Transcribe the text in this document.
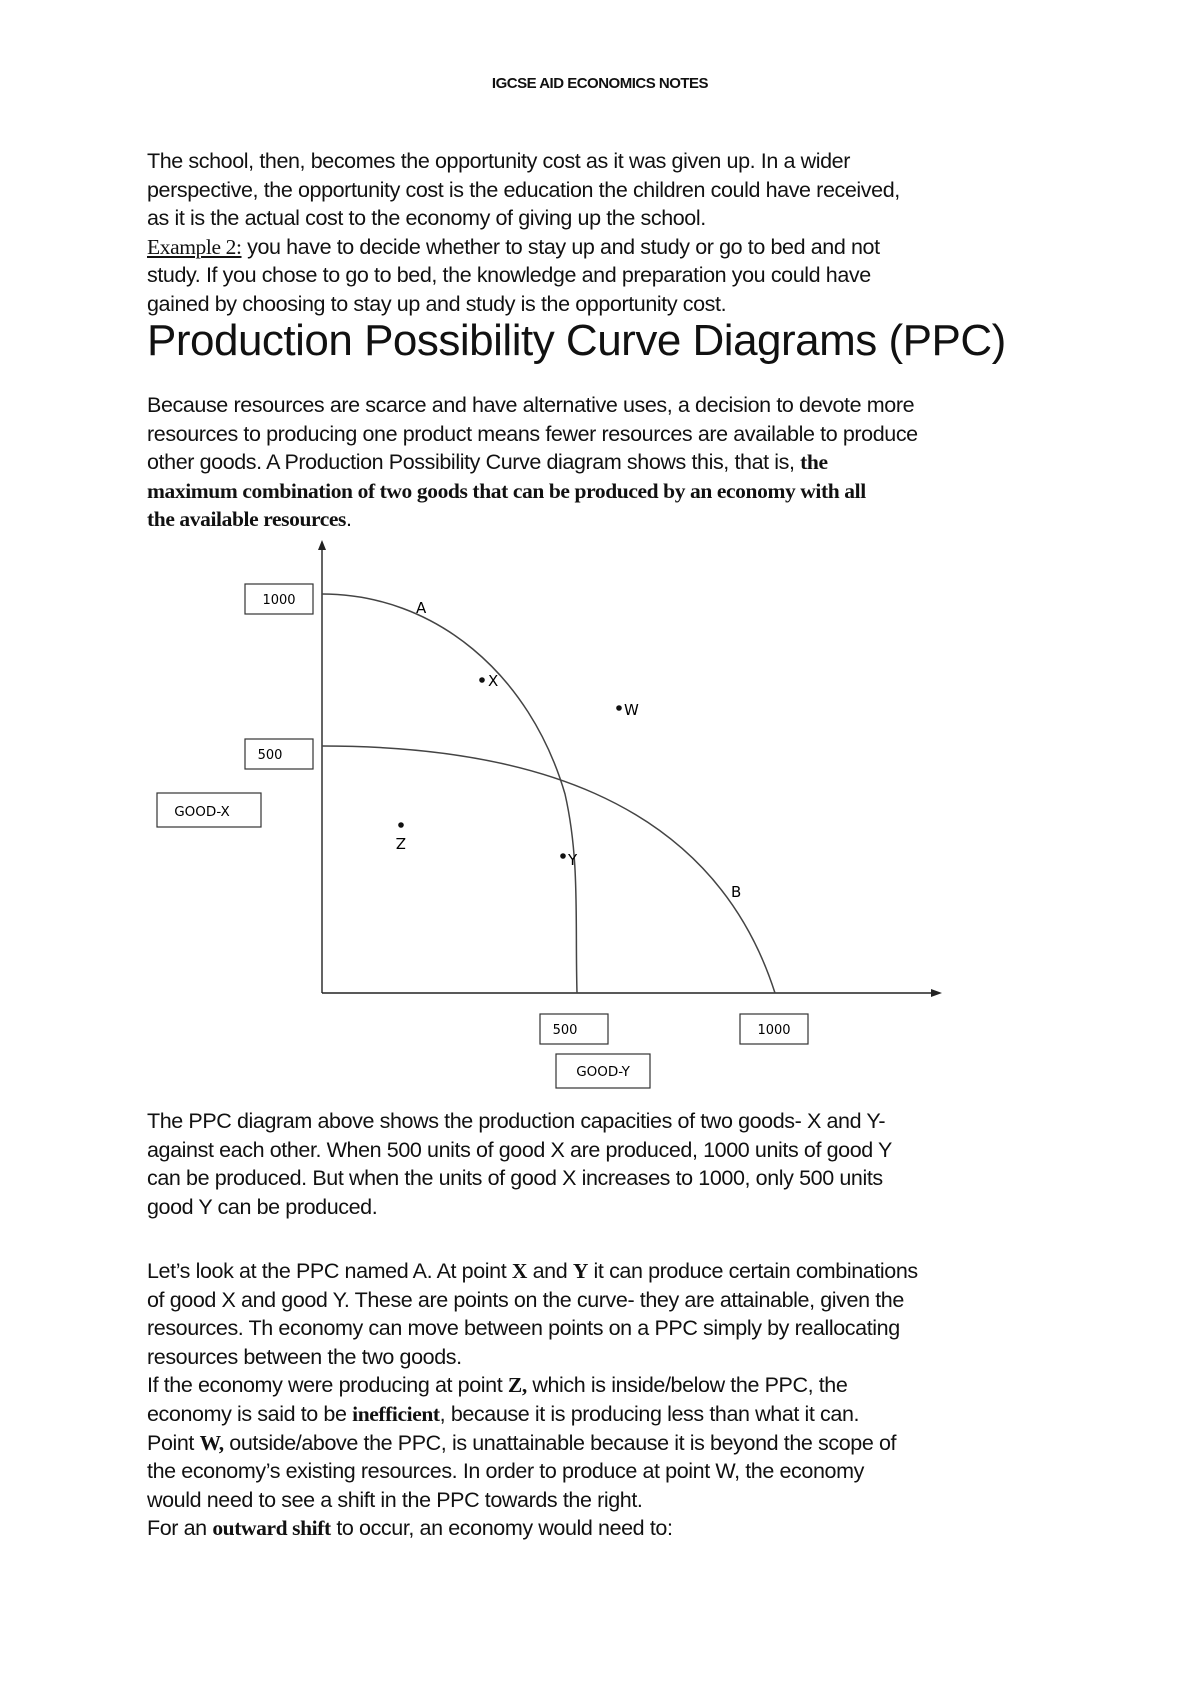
IGCSE AID ECONOMICS NOTES

The school, then, becomes the opportunity cost as it was given up. In a wider
perspective, the opportunity cost is the education the children could have received,
as it is the actual cost to the economy of giving up the school.
Example 2: you have to decide whether to stay up and study or go to bed and not
study. If you chose to go to bed, the knowledge and preparation you could have
gained by choosing to stay up and study is the opportunity cost.

Production Possibility Curve Diagrams (PPC)

Because resources are scarce and have alternative uses, a decision to devote more
resources to producing one product means fewer resources are available to produce
other goods. A Production Possibility Curve diagram shows this, that is, the
maximum combination of two goods that can be produced by an economy with all
the available resources.

1000
500
GOOD-X
500	1000
GOOD-Y
A
B
X
Y
W
Z

The PPC diagram above shows the production capacities of two goods- X and Y-
against each other. When 500 units of good X are produced, 1000 units of good Y
can be produced. But when the units of good X increases to 1000, only 500 units
good Y can be produced.

Let’s look at the PPC named A. At point X and Y it can produce certain combinations
of good X and good Y. These are points on the curve- they are attainable, given the
resources. Th economy can move between points on a PPC simply by reallocating
resources between the two goods.
If the economy were producing at point Z, which is inside/below the PPC, the
economy is said to be inefficient, because it is producing less than what it can.
Point W, outside/above the PPC, is unattainable because it is beyond the scope of
the economy’s existing resources. In order to produce at point W, the economy
would need to see a shift in the PPC towards the right.
For an outward shift to occur, an economy would need to:
